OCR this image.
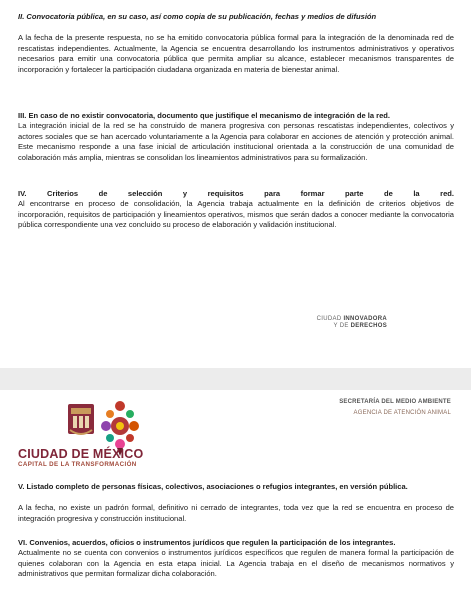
II. Convocatoria pública, en su caso, así como copia de su publicación, fechas y medios de difusión

A la fecha de la presente respuesta, no se ha emitido convocatoria pública formal para la integración de la denominada red de rescatistas independientes. Actualmente, la Agencia se encuentra desarrollando los instrumentos administrativos y operativos necesarios para emitir una convocatoria pública que permita ampliar su alcance, establecer mecanismos transparentes de incorporación y fortalecer la participación ciudadana organizada en materia de bienestar animal.

III. En caso de no existir convocatoria, documento que justifique el mecanismo de integración de la red.

La integración inicial de la red se ha construido de manera progresiva con personas rescatistas independientes, colectivos y actores sociales que se han acercado voluntariamente a la Agencia para colaborar en acciones de atención y protección animal. Este mecanismo responde a una fase inicial de articulación institucional orientada a la construcción de una comunidad de colaboración más amplia, mientras se consolidan los lineamientos administrativos para su formalización.

IV. Criterios de selección y requisitos para formar parte de la red.

Al encontrarse en proceso de consolidación, la Agencia trabaja actualmente en la definición de criterios objetivos de incorporación, requisitos de participación y lineamientos operativos, mismos que serán dados a conocer mediante la convocatoria pública correspondiente una vez concluido su proceso de elaboración y validación institucional.

CIUDAD INNOVADORA
Y DE DERECHOS
CIUDAD DE MÉXICO
CAPITAL DE LA TRANSFORMACIÓN
SECRETARÍA DEL MEDIO AMBIENTE
AGENCIA DE ATENCIÓN ANIMAL
V. Listado completo de personas físicas, colectivos, asociaciones o refugios integrantes, en versión pública.

A la fecha, no existe un padrón formal, definitivo ni cerrado de integrantes, toda vez que la red se encuentra en proceso de integración progresiva y construcción institucional.

VI. Convenios, acuerdos, oficios o instrumentos jurídicos que regulen la participación de los integrantes.

Actualmente no se cuenta con convenios o instrumentos jurídicos específicos que regulen de manera formal la participación de quienes colaboran con la Agencia en esta etapa inicial. La Agencia trabaja en el diseño de mecanismos normativos y administrativos que permitan formalizar dicha colaboración.
